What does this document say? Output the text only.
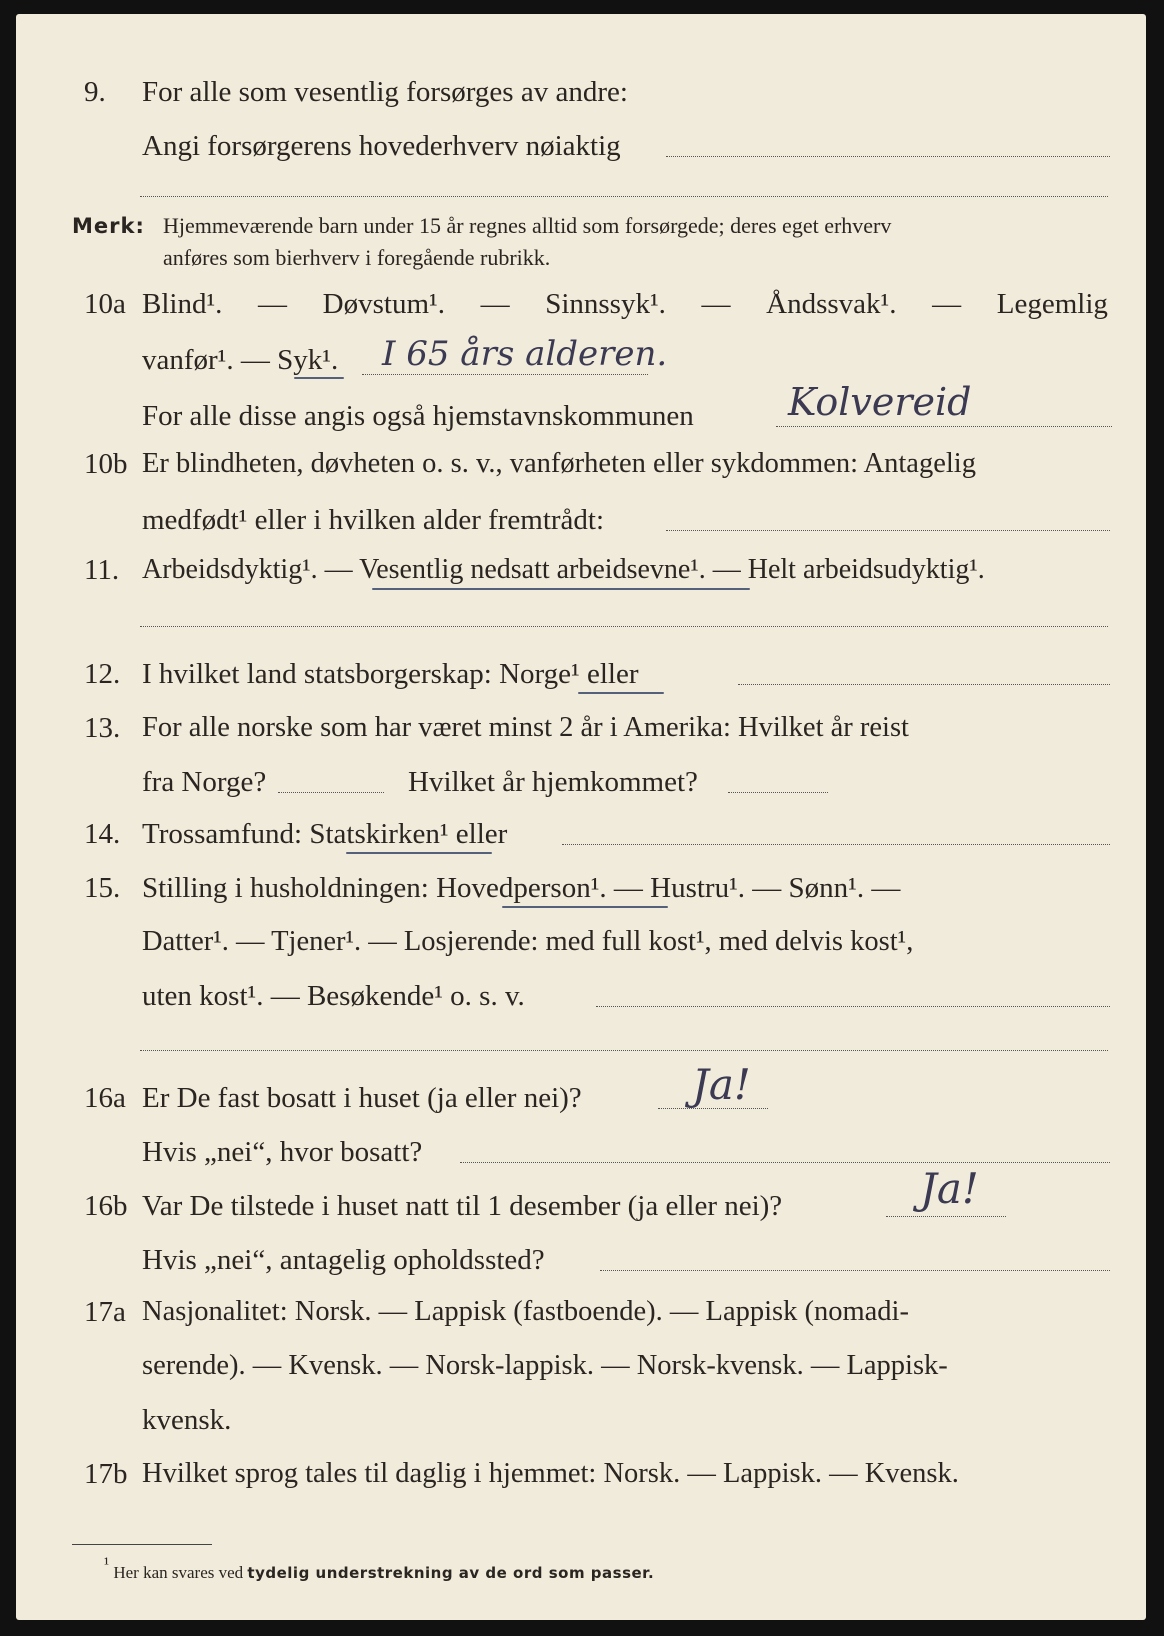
9. For alle som vesentlig forsørges av andre:
Angi forsørgerens hovederhverv nøiaktig
Merk: Hjemmeværende barn under 15 år regnes alltid som forsørgede; deres eget erhverv
anføres som bierhverv i foregående rubrikk.
10a Blind¹. — Døvstum¹. — Sinnssyk¹. — Åndssvak¹. — Legemlig
vanfør¹. — Syk¹. I 65 års alderen.
For alle disse angis også hjemstavnskommunen Kolvereid
10b Er blindheten, døvheten o. s. v., vanførheten eller sykdommen: Antagelig
medfødt¹ eller i hvilken alder fremtrådt:
11. Arbeidsdyktig¹. — Vesentlig nedsatt arbeidsevne¹. — Helt arbeidsudyktig¹.
12. I hvilket land statsborgerskap: Norge¹ eller
13. For alle norske som har været minst 2 år i Amerika: Hvilket år reist
fra Norge?	Hvilket år hjemkommet?
14. Trossamfund: Statskirken¹ eller
15. Stilling i husholdningen: Hovedperson¹. — Hustru¹. — Sønn¹. —
Datter¹. — Tjener¹. — Losjerende: med full kost¹, med delvis kost¹,
uten kost¹. — Besøkende¹ o. s. v.
16a Er De fast bosatt i huset (ja eller nei)?	Ja!
Hvis „nei“, hvor bosatt?
16b Var De tilstede i huset natt til 1 desember (ja eller nei)?	Ja!
Hvis „nei“, antagelig opholdssted?
17a Nasjonalitet: Norsk. — Lappisk (fastboende). — Lappisk (nomadi-
serende). — Kvensk. — Norsk-lappisk. — Norsk-kvensk. — Lappisk-
kvensk.
17b Hvilket sprog tales til daglig i hjemmet: Norsk. — Lappisk. — Kvensk.
¹ Her kan svares ved tydelig understrekning av de ord som passer.
